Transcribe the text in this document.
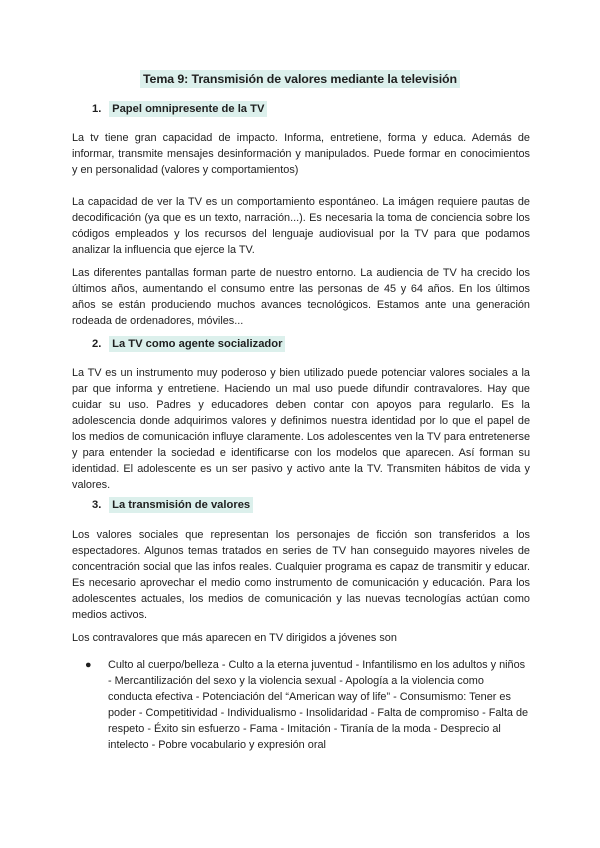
Tema 9: Transmisión de valores mediante la televisión
1. Papel omnipresente de la TV

La tv tiene gran capacidad de impacto. Informa, entretiene, forma y educa. Además de informar, transmite mensajes desinformación y manipulados. Puede formar en conocimientos y en personalidad (valores y comportamientos)

La capacidad de ver la TV es un comportamiento espontáneo. La imágen requiere pautas de decodificación (ya que es un texto, narración...). Es necesaria la toma de conciencia sobre los códigos empleados y los recursos del lenguaje audiovisual por la TV para que podamos analizar la influencia que ejerce la TV.

Las diferentes pantallas forman parte de nuestro entorno. La audiencia de TV ha crecido los últimos años, aumentando el consumo entre las personas de 45 y 64 años. En los últimos años se están produciendo muchos avances tecnológicos. Estamos ante una generación rodeada de ordenadores, móviles...

2. La TV como agente socializador

La TV es un instrumento muy poderoso y bien utilizado puede potenciar valores sociales a la par que informa y entretiene. Haciendo un mal uso puede difundir contravalores. Hay que cuidar su uso. Padres y educadores deben contar con apoyos para regularlo. Es la adolescencia donde adquirimos valores y definimos nuestra identidad por lo que el papel de los medios de comunicación influye claramente. Los adolescentes ven la TV para entretenerse y para entender la sociedad e identificarse con los modelos que aparecen. Así forman su identidad. El adolescente es un ser pasivo y activo ante la TV. Transmiten hábitos de vida y valores.

3. La transmisión de valores

Los valores sociales que representan los personajes de ficción son transferidos a los espectadores. Algunos temas tratados en series de TV han conseguido mayores niveles de concentración social que las infos reales. Cualquier programa es capaz de transmitir y educar. Es necesario aprovechar el medio como instrumento de comunicación y educación. Para los adolescentes actuales, los medios de comunicación y las nuevas tecnologías actúan como medios activos.

Los contravalores que más aparecen en TV dirigidos a jóvenes son

● Culto al cuerpo/belleza - Culto a la eterna juventud - Infantilismo en los adultos y niños - Mercantilización del sexo y la violencia sexual - Apología a la violencia como conducta efectiva - Potenciación del “American way of life” - Consumismo: Tener es poder - Competitividad - Individualismo - Insolidaridad - Falta de compromiso - Falta de respeto - Éxito sin esfuerzo - Fama - Imitación - Tiranía de la moda - Desprecio al intelecto - Pobre vocabulario y expresión oral
